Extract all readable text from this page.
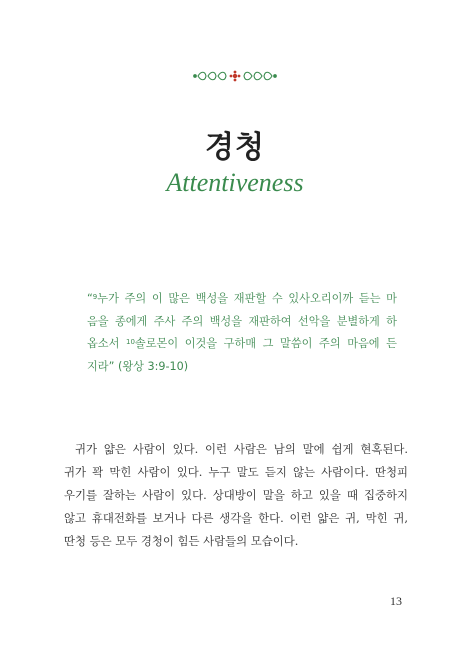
경청
Attentiveness
“$^9$누가 주의 이 많은 백성을 재판할 수 있사오리이까 듣는 마
음을 종에게 주사 주의 백성을 재판하여 선악을 분별하게 하
옵소서 $^{10}$솔로몬이 이것을 구하매 그 말씀이 주의 마음에 든
지라” (왕상 3:9-10)
귀가 얇은 사람이 있다. 이런 사람은 남의 말에 쉽게 현혹된다.
귀가 꽉 막힌 사람이 있다. 누구 말도 듣지 않는 사람이다. 딴청피
우기를 잘하는 사람이 있다. 상대방이 말을 하고 있을 때 집중하지
않고 휴대전화를 보거나 다른 생각을 한다. 이런 얇은 귀, 막힌 귀,
딴청 등은 모두 경청이 힘든 사람들의 모습이다.
13
